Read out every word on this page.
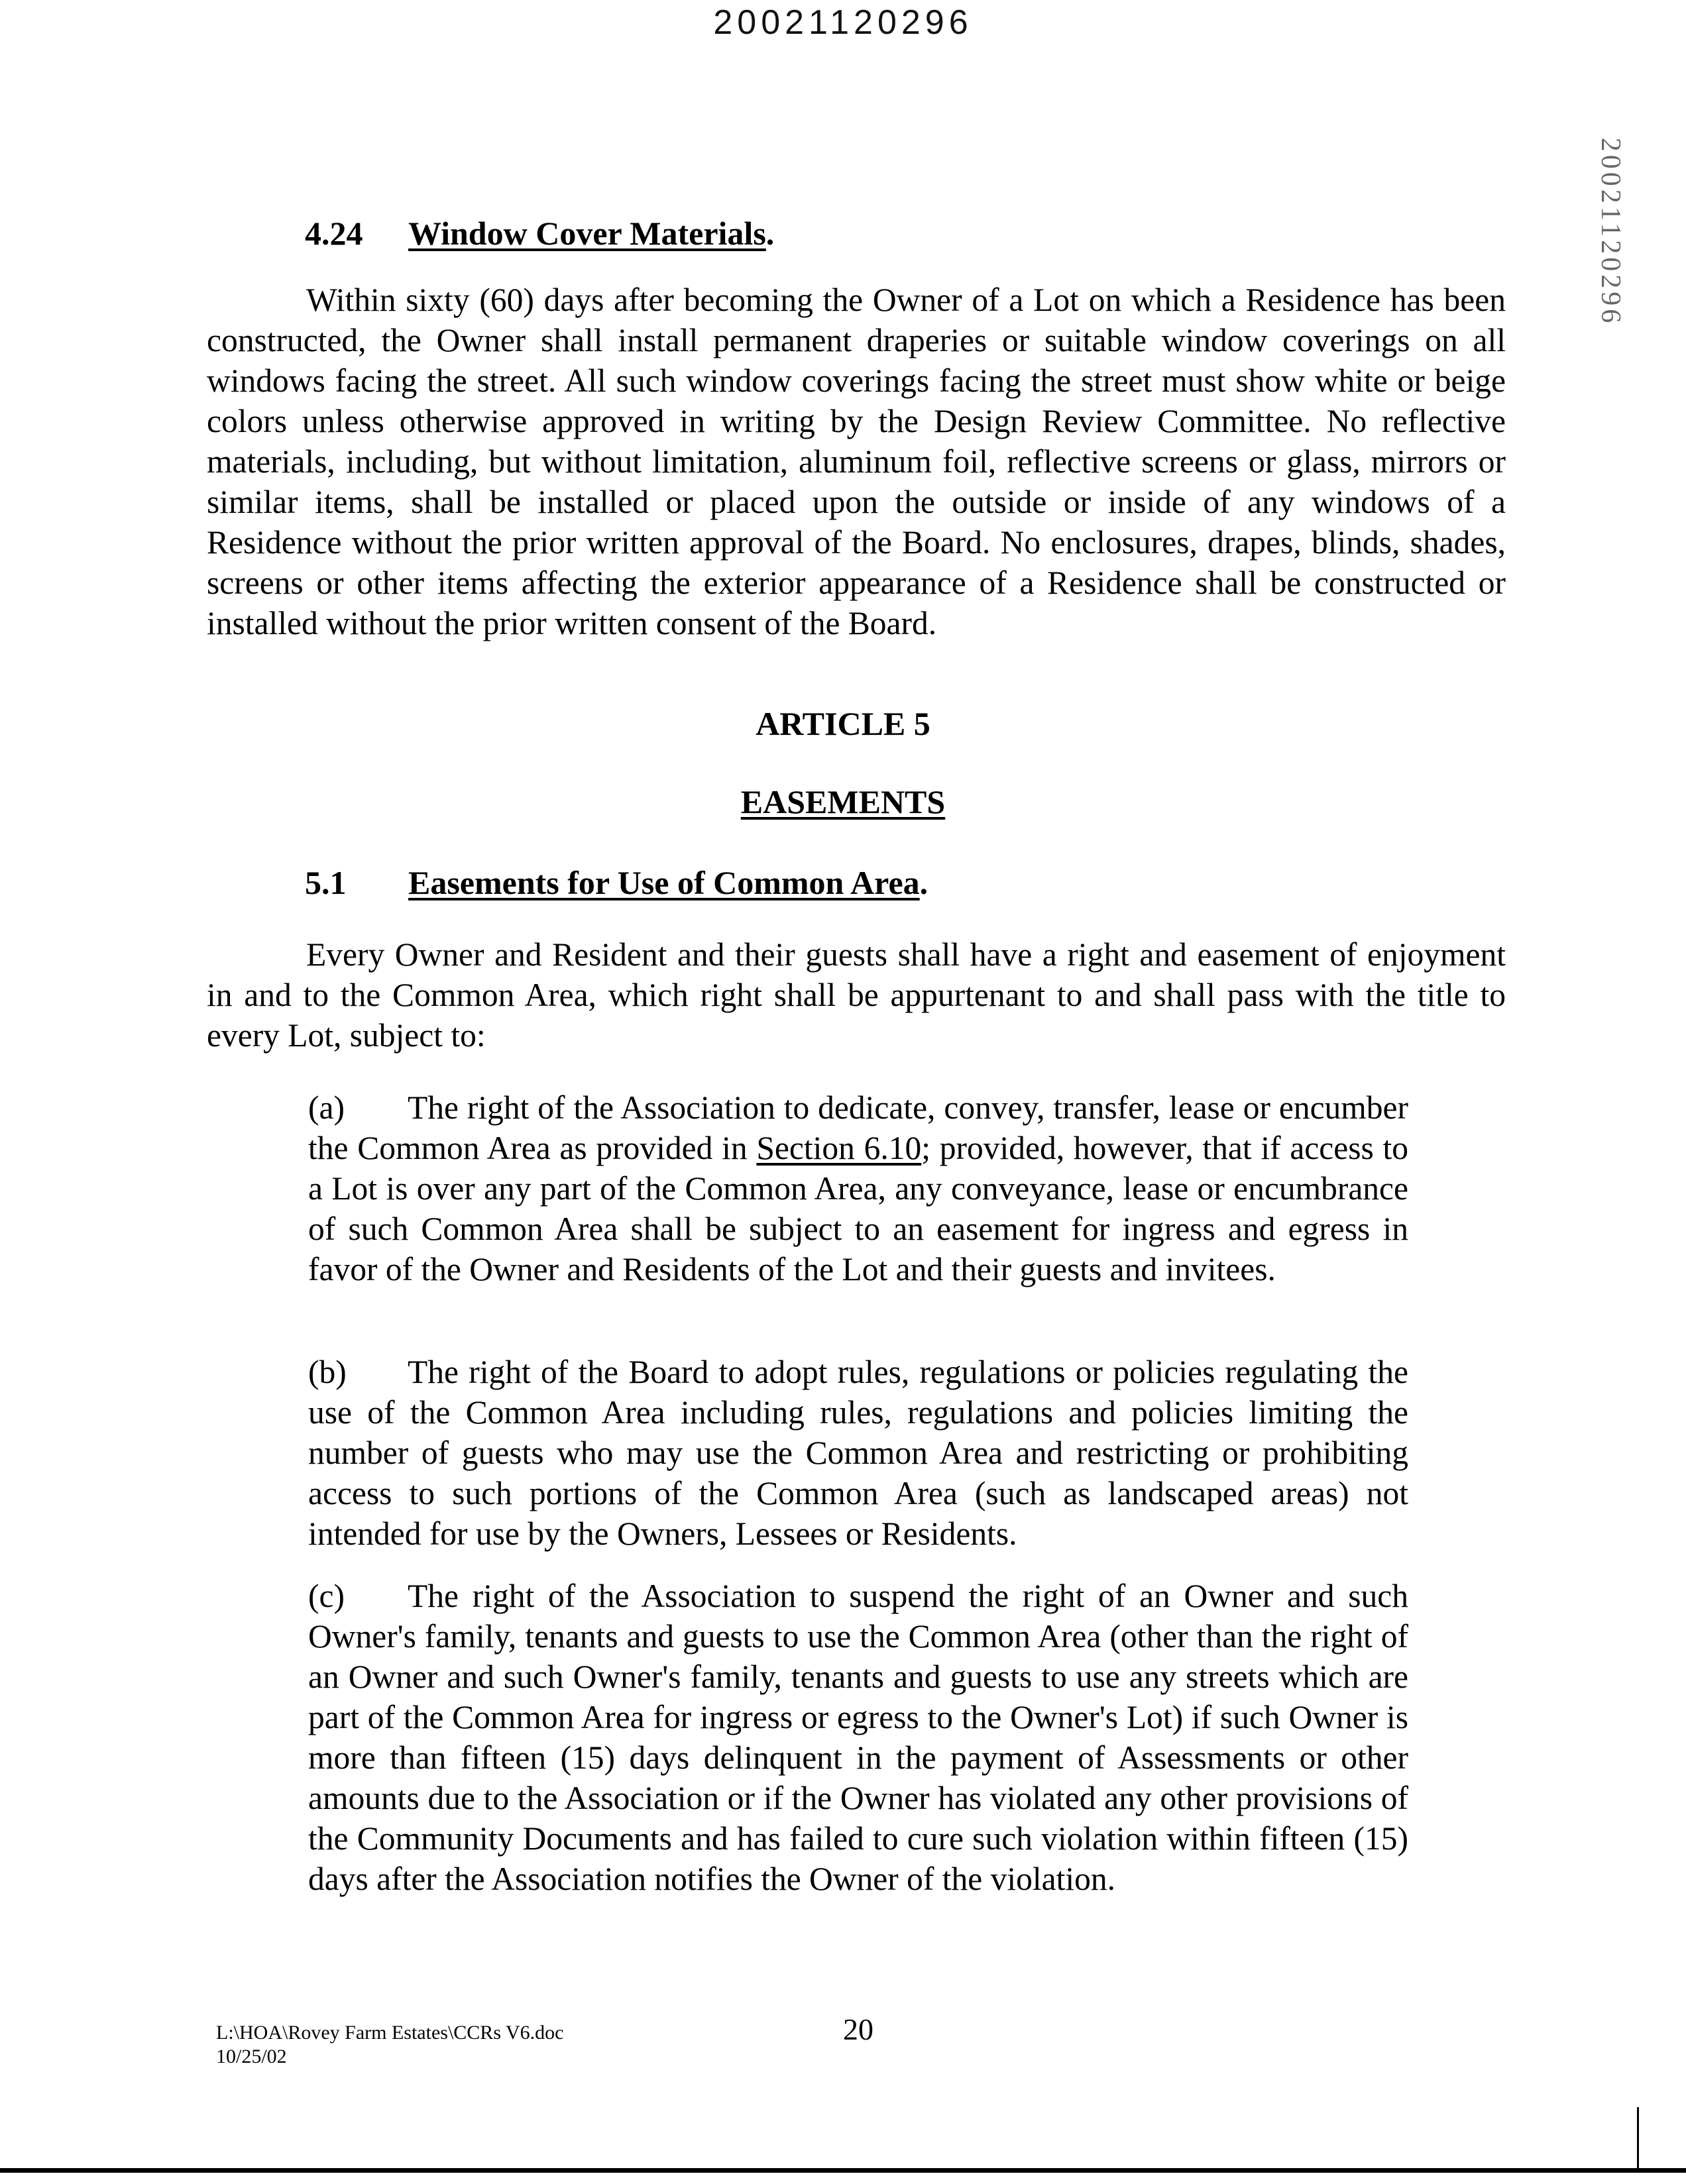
20021120296
20021120296
4.24 Window Cover Materials.
Within sixty (60) days after becoming the Owner of a Lot on which a Residence has been constructed, the Owner shall install permanent draperies or suitable window coverings on all windows facing the street. All such window coverings facing the street must show white or beige colors unless otherwise approved in writing by the Design Review Committee. No reflective materials, including, but without limitation, aluminum foil, reflective screens or glass, mirrors or similar items, shall be installed or placed upon the outside or inside of any windows of a Residence without the prior written approval of the Board. No enclosures, drapes, blinds, shades, screens or other items affecting the exterior appearance of a Residence shall be constructed or installed without the prior written consent of the Board.
ARTICLE 5
EASEMENTS
5.1 Easements for Use of Common Area.
Every Owner and Resident and their guests shall have a right and easement of enjoyment in and to the Common Area, which right shall be appurtenant to and shall pass with the title to every Lot, subject to:
(a) The right of the Association to dedicate, convey, transfer, lease or encumber the Common Area as provided in Section 6.10; provided, however, that if access to a Lot is over any part of the Common Area, any conveyance, lease or encumbrance of such Common Area shall be subject to an easement for ingress and egress in favor of the Owner and Residents of the Lot and their guests and invitees.
(b) The right of the Board to adopt rules, regulations or policies regulating the use of the Common Area including rules, regulations and policies limiting the number of guests who may use the Common Area and restricting or prohibiting access to such portions of the Common Area (such as landscaped areas) not intended for use by the Owners, Lessees or Residents.
(c) The right of the Association to suspend the right of an Owner and such Owner's family, tenants and guests to use the Common Area (other than the right of an Owner and such Owner's family, tenants and guests to use any streets which are part of the Common Area for ingress or egress to the Owner's Lot) if such Owner is more than fifteen (15) days delinquent in the payment of Assessments or other amounts due to the Association or if the Owner has violated any other provisions of the Community Documents and has failed to cure such violation within fifteen (15) days after the Association notifies the Owner of the violation.
L:\HOA\Rovey Farm Estates\CCRs V6.doc
10/25/02
20
